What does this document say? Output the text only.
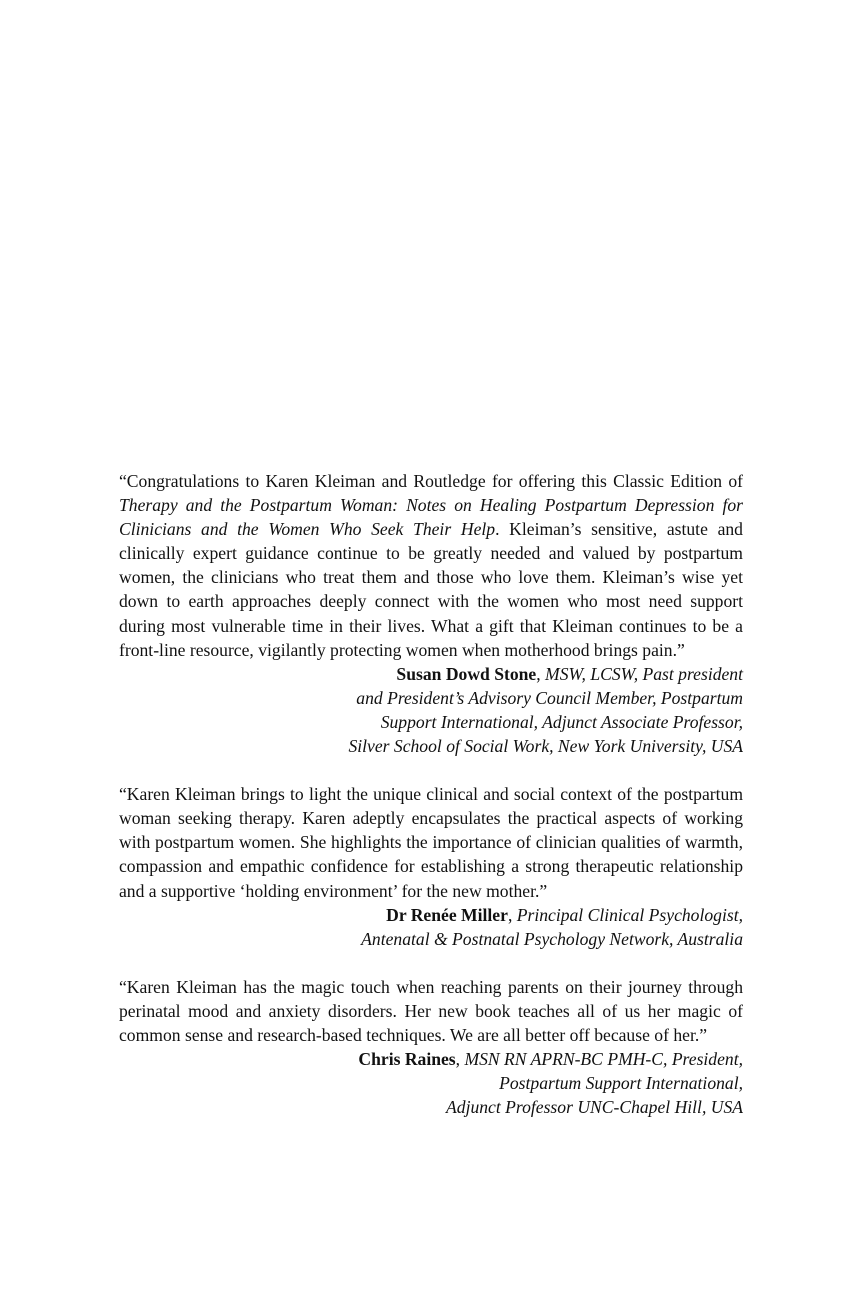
“Congratulations to Karen Kleiman and Routledge for offering this Classic Edition of Therapy and the Postpartum Woman: Notes on Healing Postpartum Depression for Clinicians and the Women Who Seek Their Help. Kleiman’s sensitive, astute and clinically expert guidance continue to be greatly needed and valued by postpartum women, the clinicians who treat them and those who love them. Kleiman’s wise yet down to earth approaches deeply connect with the women who most need support during most vulnerable time in their lives. What a gift that Kleiman continues to be a front-line resource, vigilantly protecting women when motherhood brings pain.”

Susan Dowd Stone, MSW, LCSW, Past president
and President’s Advisory Council Member, Postpartum
Support International, Adjunct Associate Professor,
Silver School of Social Work, New York University, USA

“Karen Kleiman brings to light the unique clinical and social context of the postpartum woman seeking therapy. Karen adeptly encapsulates the practical aspects of working with postpartum women. She highlights the importance of clinician qualities of warmth, compassion and empathic confidence for establishing a strong therapeutic relationship and a supportive ‘holding environment’ for the new mother.”

Dr Renée Miller, Principal Clinical Psychologist,
Antenatal & Postnatal Psychology Network, Australia

“Karen Kleiman has the magic touch when reaching parents on their journey through perinatal mood and anxiety disorders. Her new book teaches all of us her magic of common sense and research-based techniques. We are all better off because of her.”

Chris Raines, MSN RN APRN-BC PMH-C, President,
Postpartum Support International,
Adjunct Professor UNC-Chapel Hill, USA
